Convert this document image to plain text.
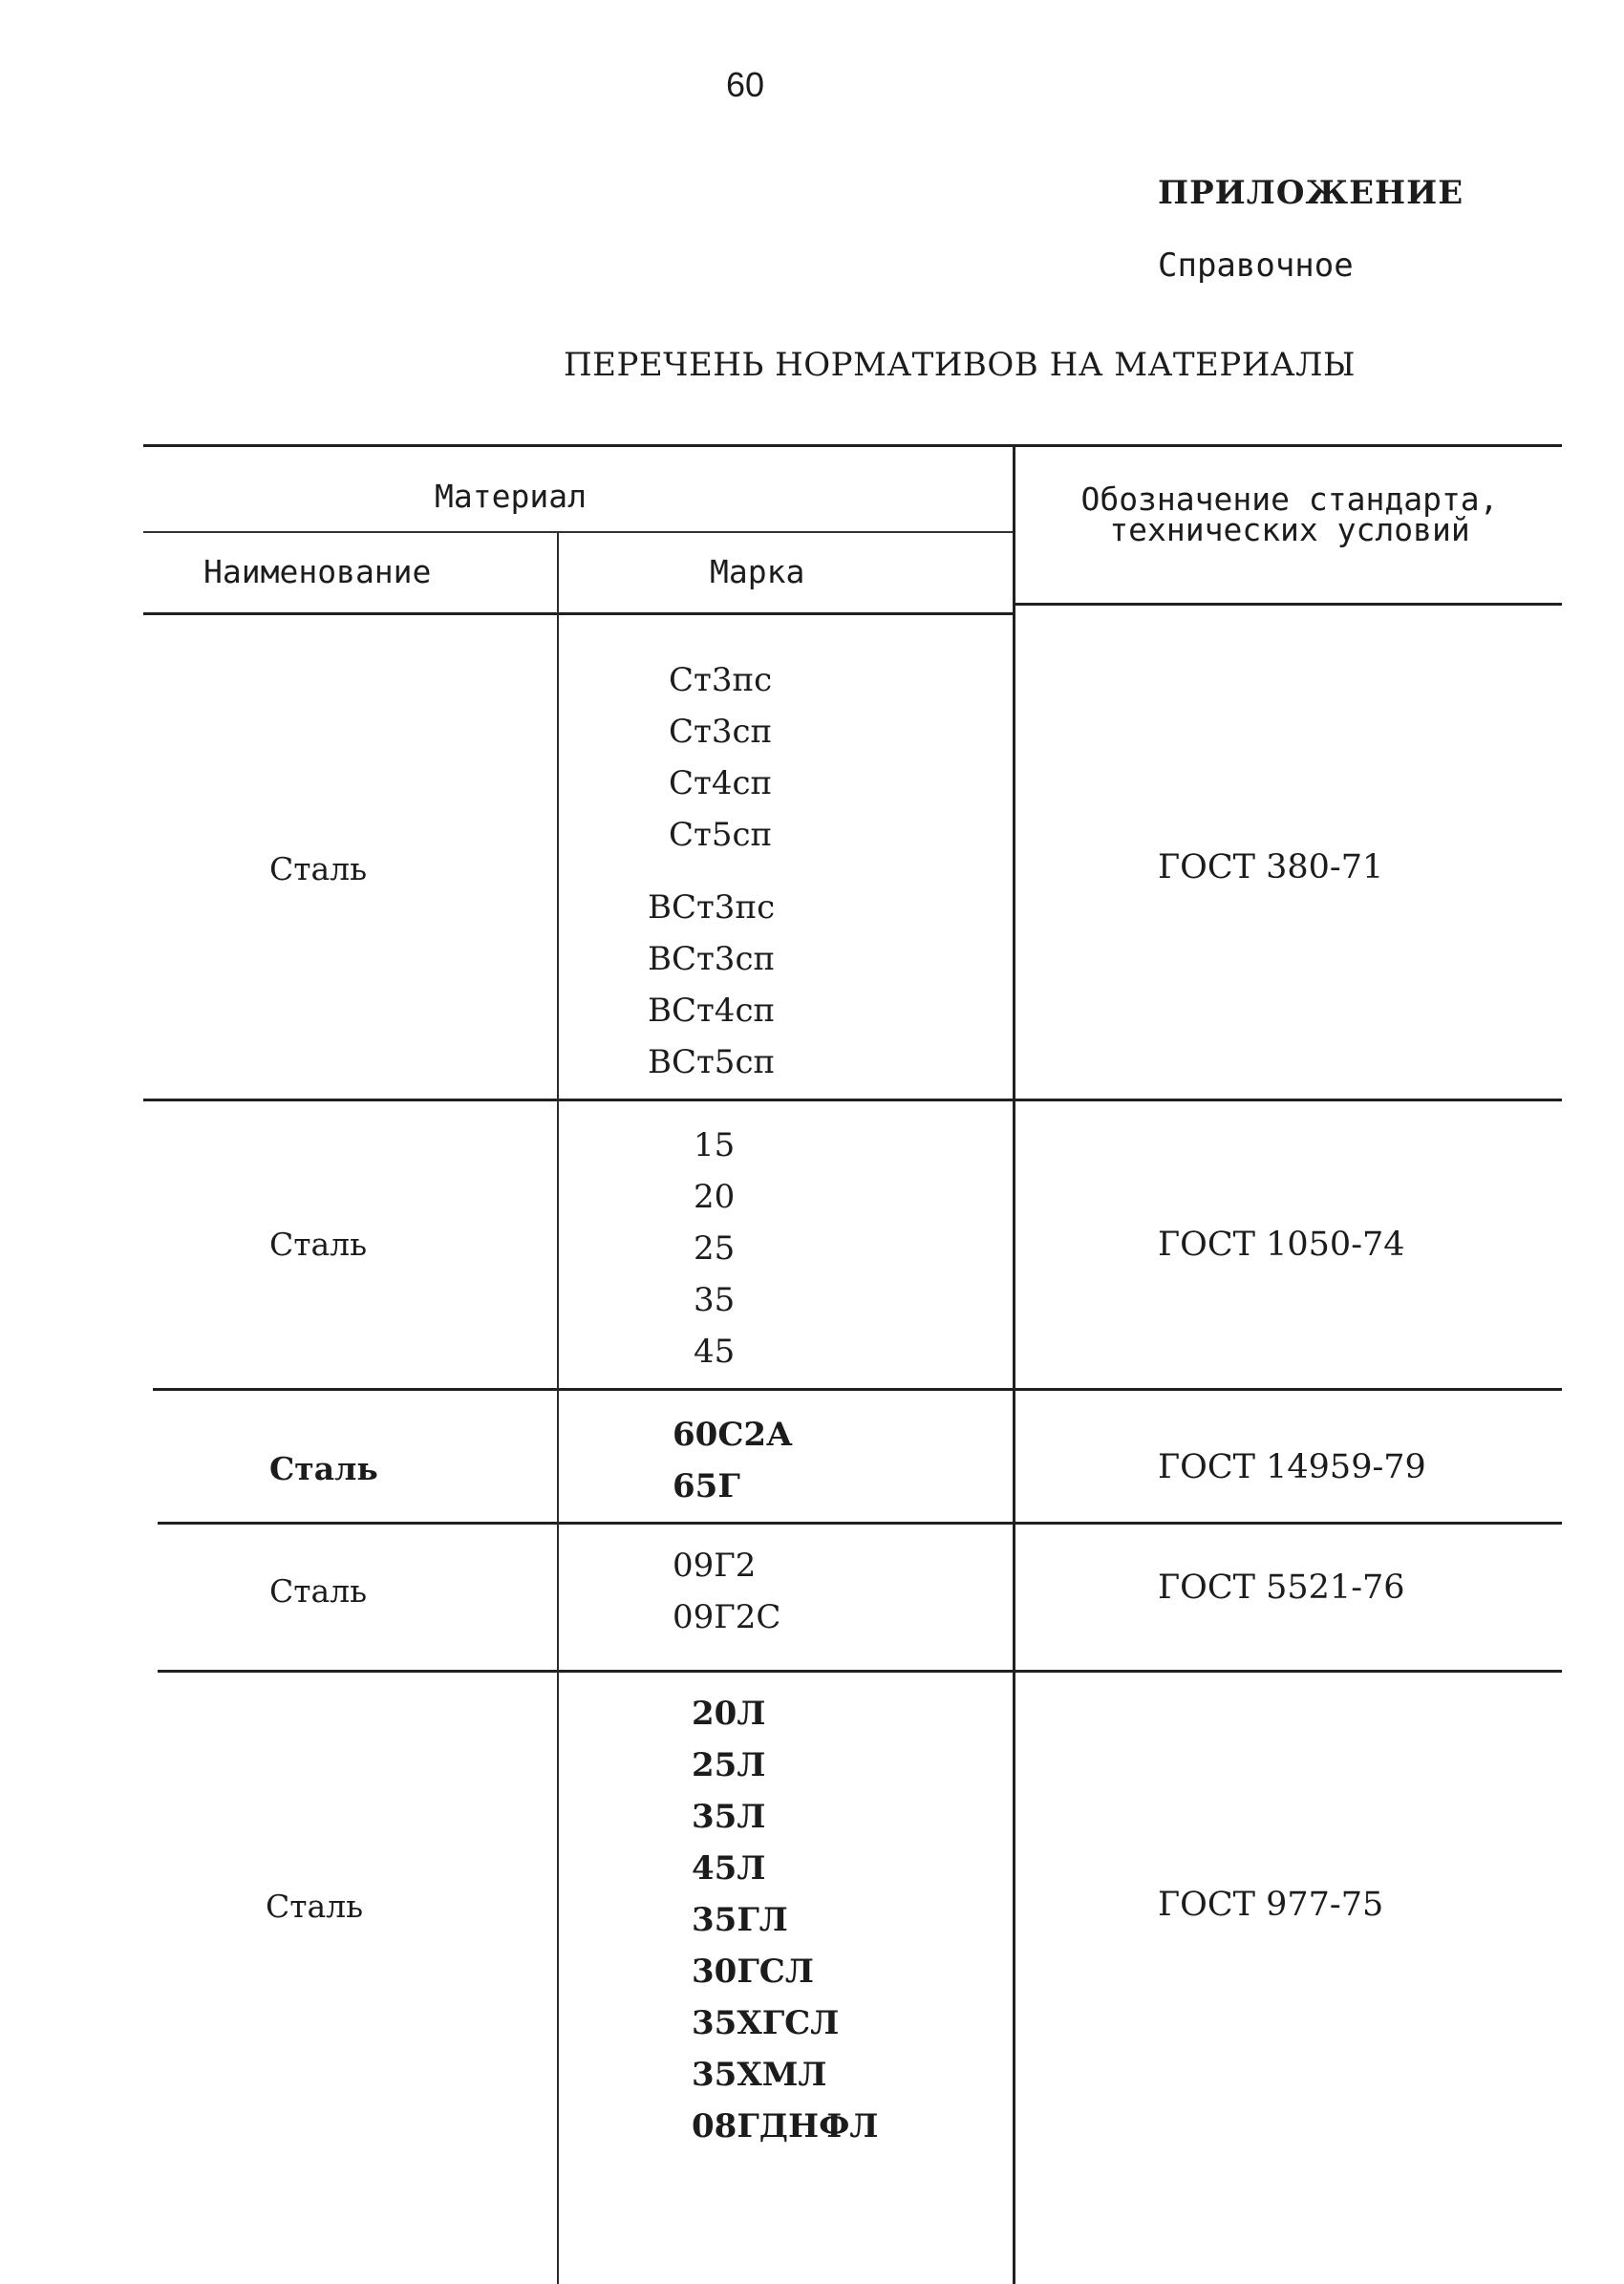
60
ПРИЛОЖЕНИЕ
Справочное
ПЕРЕЧЕНЬ НОРМАТИВОВ НА МАТЕРИАЛЫ
Материал
Наименование	Марка
Обозначение стандарта, технических условий
Сталь
Ст3пс
Ст3сп
Ст4сп
Ст5сп
ВСт3пс
ВСт3сп
ВСт4сп
ВСт5сп
ГОСТ 380-71
Сталь
15
20
25
35
45
ГОСТ 1050-74
Сталь
60С2А
65Г	ГОСТ 14959-79
Сталь
09Г2
09Г2С
ГОСТ 5521-76
Сталь
20Л
25Л
35Л
45Л
35ГЛ
30ГСЛ
35ХГСЛ
35ХМЛ
08ГДНФЛ
ГОСТ 977-75
